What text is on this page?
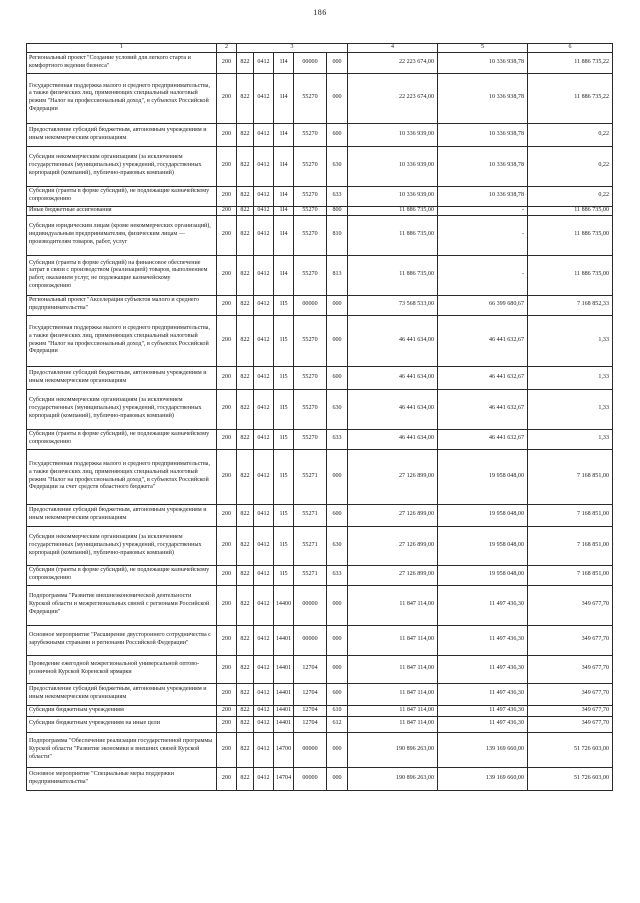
186
1	2	3					4	5	6
Региональный проект "Создание условий для легкого старта и комфортного ведения бизнеса"	200	822	0412	1I4	00000	000	22 223 674,00	10 336 938,78	11 886 735,22
Государственная поддержка малого и среднего предпринимательства, а также физических лиц, применяющих специальный налоговый режим "Налог на профессиональный доход", в субъектах Российской Федерации	200	822	0412	1I4	55270	000	22 223 674,00	10 336 938,78	11 886 735,22
Предоставление субсидий бюджетным, автономным учреждениям и иным некоммерческим организациям	200	822	0412	1I4	55270	600	10 336 939,00	10 336 938,78	0,22
Субсидии некоммерческим организациям (за исключением государственных (муниципальных) учреждений, государственных корпораций (компаний), публично-правовых компаний)	200	822	0412	1I4	55270	630	10 336 939,00	10 336 938,78	0,22
Субсидии (гранты в форме субсидий), не подлежащие казначейскому сопровождению	200	822	0412	1I4	55270	633	10 336 939,00	10 336 938,78	0,22
Иные бюджетные ассигнования	200	822	0412	1I4	55270	800	11 886 735,00	-	11 886 735,00
Субсидии юридическим лицам (кроме некоммерческих организаций), индивидуальным предпринимателям, физическим лицам — производителям товаров, работ, услуг	200	822	0412	1I4	55270	810	11 886 735,00	-	11 886 735,00
Субсидии (гранты в форме субсидий) на финансовое обеспечение затрат в связи с производством (реализацией) товаров, выполнением работ, оказанием услуг, не подлежащие казначейскому сопровождению	200	822	0412	1I4	55270	813	11 886 735,00	-	11 886 735,00
Региональный проект "Акселерация субъектов малого и среднего предпринимательства"	200	822	0412	1I5	00000	000	73 568 533,00	66 399 680,67	7 168 852,33
Государственная поддержка малого и среднего предпринимательства, а также физических лиц, применяющих специальный налоговый режим "Налог на профессиональный доход", в субъектах Российской Федерации	200	822	0412	1I5	55270	000	46 441 634,00	46 441 632,67	1,33
Предоставление субсидий бюджетным, автономным учреждениям и иным некоммерческим организациям	200	822	0412	1I5	55270	600	46 441 634,00	46 441 632,67	1,33
Субсидии некоммерческим организациям (за исключением государственных (муниципальных) учреждений, государственных корпораций (компаний), публично-правовых компаний)	200	822	0412	1I5	55270	630	46 441 634,00	46 441 632,67	1,33
Субсидии (гранты в форме субсидий), не подлежащие казначейскому сопровождению	200	822	0412	1I5	55270	633	46 441 634,00	46 441 632,67	1,33
Государственная поддержка малого и среднего предпринимательства, а также физических лиц, применяющих специальный налоговый режим "Налог на профессиональный доход", в субъектах Российской Федерации за счет средств областного бюджета"	200	822	0412	1I5	55271	000	27 126 899,00	19 958 048,00	7 168 851,00
Предоставление субсидий бюджетным, автономным учреждениям и иным некоммерческим организациям	200	822	0412	1I5	55271	600	27 126 899,00	19 958 048,00	7 168 851,00
Субсидии некоммерческим организациям (за исключением государственных (муниципальных) учреждений, государственных корпораций (компаний), публично-правовых компаний)	200	822	0412	1I5	55271	630	27 126 899,00	19 958 048,00	7 168 851,00
Субсидии (гранты в форме субсидий), не подлежащие казначейскому сопровождению	200	822	0412	1I5	55271	633	27 126 899,00	19 958 048,00	7 168 851,00
Подпрограмма "Развитие внешнеэкономической деятельности Курской области и межрегиональных связей с регионами Российской Федерации"	200	822	0412	14400	00000	000	11 847 114,00	11 497 436,30	349 677,70
Основное мероприятие "Расширение двустороннего сотрудничества с зарубежными странами и регионами Российской Федерации"	200	822	0412	14401	00000	000	11 847 114,00	11 497 436,30	349 677,70
Проведение ежегодной межрегиональной универсальной оптово-розничной Курской Коренской ярмарки	200	822	0412	14401	12704	000	11 847 114,00	11 497 436,30	349 677,70
Предоставление субсидий бюджетным, автономным учреждениям и иным некоммерческим организациям	200	822	0412	14401	12704	600	11 847 114,00	11 497 436,30	349 677,70
Субсидии бюджетным учреждениям	200	822	0412	14401	12704	610	11 847 114,00	11 497 436,30	349 677,70
Субсидии бюджетным учреждениям на иные цели	200	822	0412	14401	12704	612	11 847 114,00	11 497 436,30	349 677,70
Подпрограмма "Обеспечение реализации государственной программы Курской области "Развитие экономики и внешних связей Курской области"	200	822	0412	14700	00000	000	190 896 263,00	139 169 660,00	51 726 603,00
Основное мероприятие "Специальные меры поддержки предпринимательства"	200	822	0412	14704	00000	000	190 896 263,00	139 169 660,00	51 726 603,00
